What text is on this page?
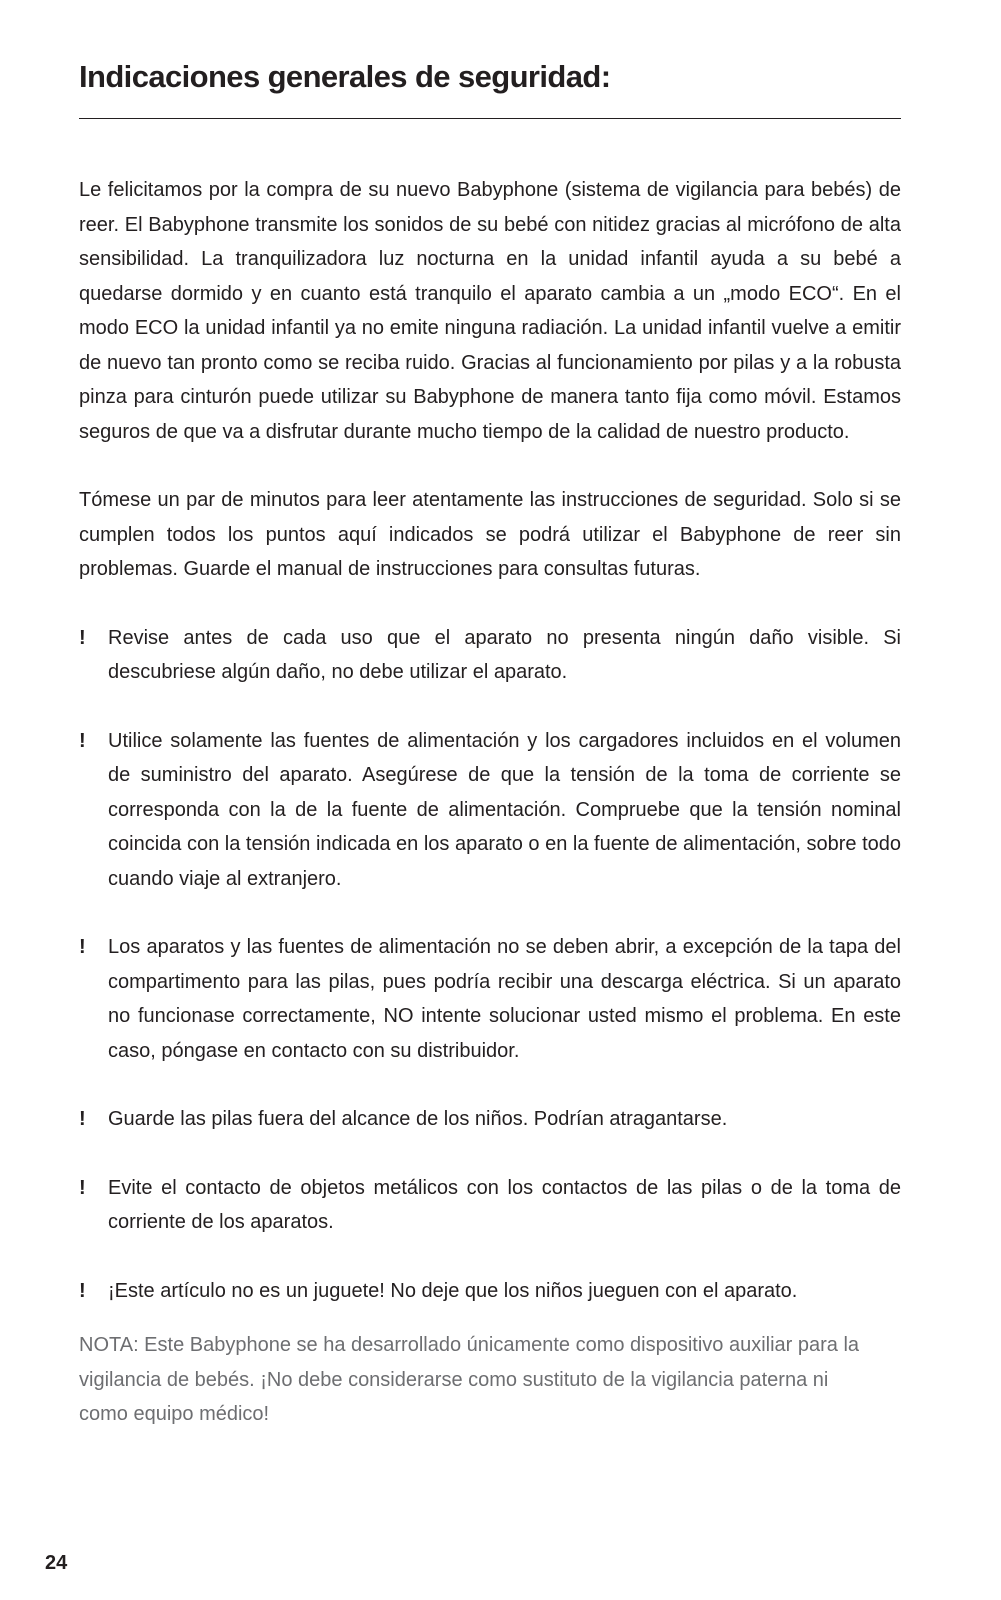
Indicaciones generales de seguridad:

Le felicitamos por la compra de su nuevo Babyphone (sistema de vigilancia para bebés) de reer. El Babyphone transmite los sonidos de su bebé con nitidez gracias al micrófono de alta sensibilidad. La tranquilizadora luz nocturna en la unidad infantil ayuda a su bebé a quedarse dormido y en cuanto está tranquilo el aparato cambia a un „modo ECO“. En el modo ECO la unidad infantil ya no emite ninguna radiación. La unidad infantil vuelve a emitir de nuevo tan pronto como se reciba ruido. Gracias al funcionamiento por pilas y a la robusta pinza para cinturón puede utilizar su Babyphone de manera tanto fija como móvil. Estamos seguros de que va a disfrutar durante mucho tiempo de la calidad de nuestro producto.

Tómese un par de minutos para leer atentamente las instrucciones de seguridad. Solo si se cumplen todos los puntos aquí indicados se podrá utilizar el Babyphone de reer sin problemas. Guarde el manual de instrucciones para consultas futuras.

! Revise antes de cada uso que el aparato no presenta ningún daño visible. Si descubriese algún daño, no debe utilizar el aparato.
! Utilice solamente las fuentes de alimentación y los cargadores incluidos en el volumen de suministro del aparato. Asegúrese de que la tensión de la toma de corriente se corresponda con la de la fuente de alimentación. Compruebe que la tensión nominal coincida con la tensión indicada en los aparato o en la fuente de alimentación, sobre todo cuando viaje al extranjero.
! Los aparatos y las fuentes de alimentación no se deben abrir, a excepción de la tapa del compartimento para las pilas, pues podría recibir una descarga eléctrica. Si un aparato no funcionase correctamente, NO intente solucionar usted mismo el problema. En este caso, póngase en contacto con su distribuidor.
! Guarde las pilas fuera del alcance de los niños. Podrían atragantarse.
! Evite el contacto de objetos metálicos con los contactos de las pilas o de la toma de corriente de los aparatos.
! ¡Este artículo no es un juguete! No deje que los niños jueguen con el aparato.

NOTA: Este Babyphone se ha desarrollado únicamente como dispositivo auxiliar para la vigilancia de bebés. ¡No debe considerarse como sustituto de la vigilancia paterna ni como equipo médico!

24
